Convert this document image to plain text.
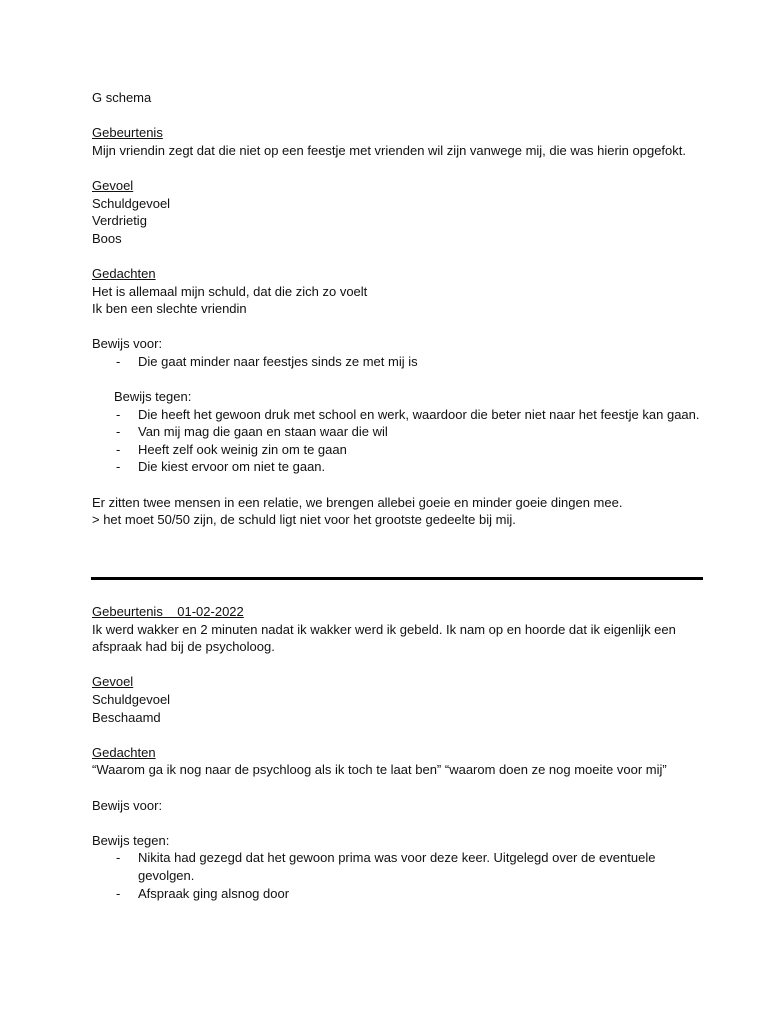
G schema
Gebeurtenis
Mijn vriendin zegt dat die niet op een feestje met vrienden wil zijn vanwege mij, die was hierin opgefokt.
Gevoel
Schuldgevoel
Verdrietig
Boos
Gedachten
Het is allemaal mijn schuld, dat die zich zo voelt
Ik ben een slechte vriendin
Bewijs voor:
-	Die gaat minder naar feestjes sinds ze met mij is
Bewijs tegen:
-	Die heeft het gewoon druk met school en werk, waardoor die beter niet naar het feestje kan gaan.
-	Van mij mag die gaan en staan waar die wil
-	Heeft zelf ook weinig zin om te gaan
-	Die kiest ervoor om niet te gaan.
Er zitten twee mensen in een relatie, we brengen allebei goeie en minder goeie dingen mee.
> het moet 50/50 zijn, de schuld ligt niet voor het grootste gedeelte bij mij.
Gebeurtenis    01-02-2022
Ik werd wakker en 2 minuten nadat ik wakker werd ik gebeld. Ik nam op en hoorde dat ik eigenlijk een afspraak had bij de psycholoog.
Gevoel
Schuldgevoel
Beschaamd
Gedachten
“Waarom ga ik nog naar de psychloog als ik toch te laat ben” “waarom doen ze nog moeite voor mij”
Bewijs voor:
Bewijs tegen:
-	Nikita had gezegd dat het gewoon prima was voor deze keer. Uitgelegd over de eventuele gevolgen.
-	Afspraak ging alsnog door
